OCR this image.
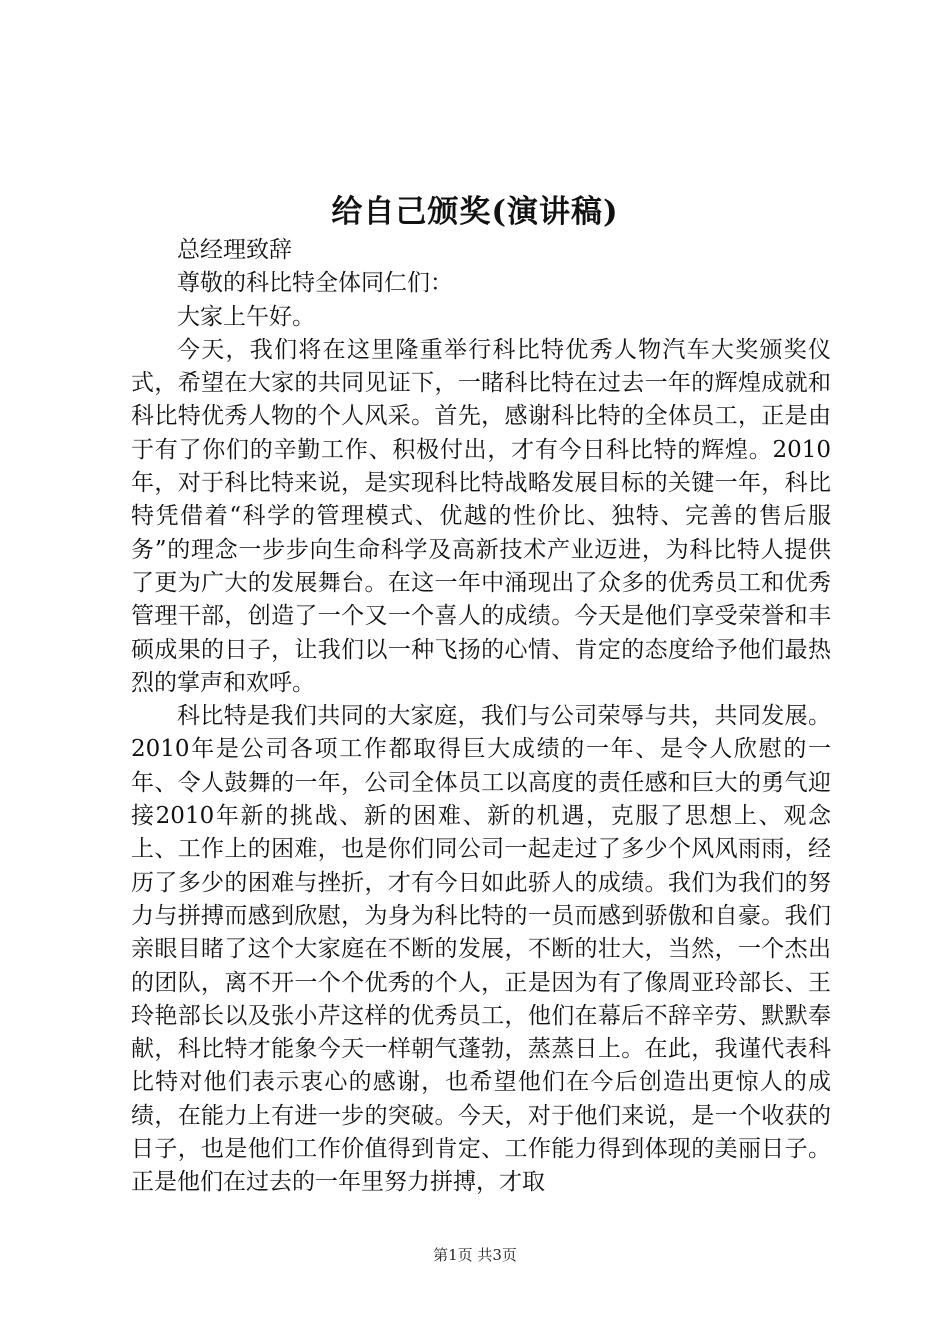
给自己颁奖(演讲稿)

总经理致辞

尊敬的科比特全体同仁们：

大家上午好。

今天，我们将在这里隆重举行科比特优秀人物汽车大奖颁奖仪式，希望在大家的共同见证下，一睹科比特在过去一年的辉煌成就和科比特优秀人物的个人风采。首先，感谢科比特的全体员工，正是由于有了你们的辛勤工作、积极付出，才有今日科比特的辉煌。2010年，对于科比特来说，是实现科比特战略发展目标的关键一年，科比特凭借着“科学的管理模式、优越的性价比、独特、完善的售后服务”的理念一步步向生命科学及高新技术产业迈进，为科比特人提供了更为广大的发展舞台。在这一年中涌现出了众多的优秀员工和优秀管理干部，创造了一个又一个喜人的成绩。今天是他们享受荣誉和丰硕成果的日子，让我们以一种飞扬的心情、肯定的态度给予他们最热烈的掌声和欢呼。

科比特是我们共同的大家庭，我们与公司荣辱与共，共同发展。2010年是公司各项工作都取得巨大成绩的一年、是令人欣慰的一年、令人鼓舞的一年，公司全体员工以高度的责任感和巨大的勇气迎接2010年新的挑战、新的困难、新的机遇，克服了思想上、观念上、工作上的困难，也是你们同公司一起走过了多少个风风雨雨，经历了多少的困难与挫折，才有今日如此骄人的成绩。我们为我们的努力与拼搏而感到欣慰，为身为科比特的一员而感到骄傲和自豪。我们亲眼目睹了这个大家庭在不断的发展，不断的壮大，当然，一个杰出的团队，离不开一个个优秀的个人，正是因为有了像周亚玲部长、王玲艳部长以及张小芹这样的优秀员工，他们在幕后不辞辛劳、默默奉献，科比特才能象今天一样朝气蓬勃，蒸蒸日上。在此，我谨代表科比特对他们表示衷心的感谢，也希望他们在今后创造出更惊人的成绩，在能力上有进一步的突破。今天，对于他们来说，是一个收获的日子，也是他们工作价值得到肯定、工作能力得到体现的美丽日子。正是他们在过去的一年里努力拼搏，才取

第1页 共3页
